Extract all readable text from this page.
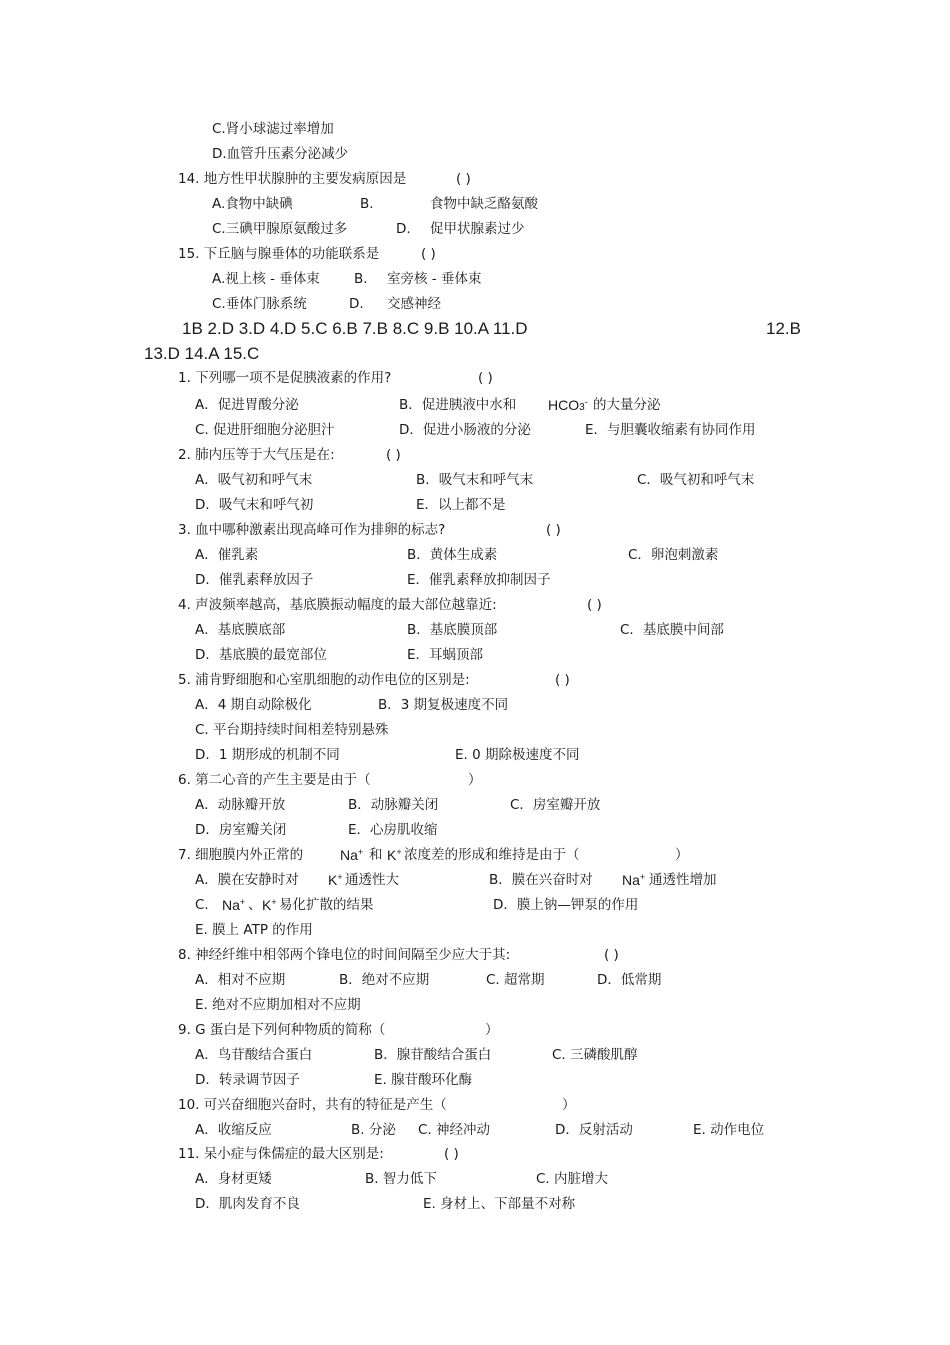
C.肾小球滤过率增加
D.血管升压素分泌减少
14. 地方性甲状腺肿的主要发病原因是	( )
A.食物中缺碘	B.	食物中缺乏酪氨酸
C.三碘甲腺原氨酸过多	D. 促甲状腺素过少
15. 下丘脑与腺垂体的功能联系是	( )
A.视上核 - 垂体束	B. 室旁核 - 垂体束
C.垂体门脉系统	D. 交感神经
1B 2.D 3.D 4.D 5.C 6.B 7.B 8.C 9.B 10.A 11.D	12.B
13.D 14.A 15.C
1. 下列哪一项不是促胰液素的作用?	( )
A．促进胃酸分泌	B．促进胰液中水和 $HCO_3^-$ 的大量分泌
C. 促进肝细胞分泌胆汁	D．促进小肠液的分泌	E．与胆囊收缩素有协同作用
2. 肺内压等于大气压是在:	( )
A．吸气初和呼气末	B．吸气末和呼气末	C．吸气初和呼气末
D．吸气末和呼气初	E．以上都不是
3. 血中哪种激素出现高峰可作为排卵的标志?	( )
A．催乳素	B．黄体生成素	C．卵泡刺激素
D．催乳素释放因子	E．催乳素释放抑制因子
4. 声波频率越高，基底膜振动幅度的最大部位越靠近:	( )
A．基底膜底部	B．基底膜顶部	C．基底膜中间部
D．基底膜的最宽部位	E．耳蜗顶部
5. 浦肯野细胞和心室肌细胞的动作电位的区别是:	( )
A．4 期自动除极化	B．3 期复极速度不同
C. 平台期持续时间相差特别悬殊
D．1 期形成的机制不同	E. 0 期除极速度不同
6. 第二心音的产生主要是由于（	）
A．动脉瓣开放	B．动脉瓣关闭	C．房室瓣开放
D．房室瓣关闭	E．心房肌收缩
7. 细胞膜内外正常的	Na+ 和 K+ 浓度差的形成和维持是由于（	）
A．膜在安静时对 K+ 通透性大	B．膜在兴奋时对 Na+ 通透性增加
C. Na+ 、 K+ 易化扩散的结果	D．膜上钠—钾泵的作用
E. 膜上 ATP 的作用
8. 神经纤维中相邻两个锋电位的时间间隔至少应大于其:	( )
A．相对不应期	B．绝对不应期	C. 超常期	D．低常期
E. 绝对不应期加相对不应期
9. G 蛋白是下列何种物质的简称（	）
A．鸟苷酸结合蛋白	B．腺苷酸结合蛋白	C. 三磷酸肌醇
D．转录调节因子	E. 腺苷酸环化酶
10. 可兴奋细胞兴奋时，共有的特征是产生（	）
A．收缩反应	B. 分泌 C. 神经冲动	D．反射活动	E. 动作电位
11. 呆小症与侏儒症的最大区别是:	( )
A．身材更矮	B. 智力低下	C. 内脏增大
D．肌肉发育不良	E. 身材上、下部量不对称
